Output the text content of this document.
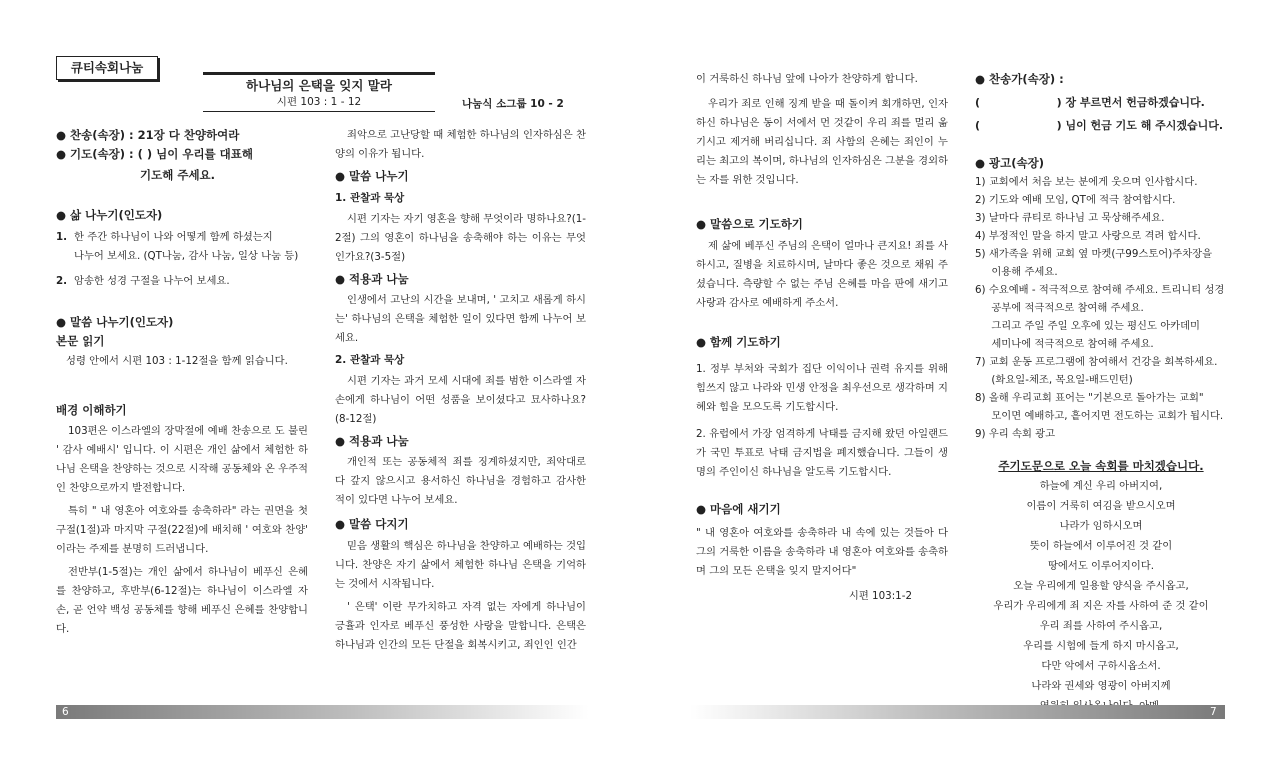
큐티속회나눔
하나님의 은택을 잊지 말라
시편 103 : 1 - 12	나눔식 소그룹 10 - 2
● 찬송(속장) : 21장 다 찬양하여라
● 기도(속장) : ( ) 님이 우리를 대표해
기도해 주세요.
● 삶 나누기(인도자)
1. 한 주간 하나님이 나와 어떻게 함께 하셨는지
나누어 보세요. (QT나눔, 감사 나눔, 일상 나눔 등)
2. 암송한 성경 구절을 나누어 보세요.
● 말씀 나누기(인도자)
본문 읽기
성령 안에서 시편 103 : 1-12절을 함께 읽습니다.
배경 이해하기
103편은 이스라엘의 장막절에 예배 찬송으로 도 불린 ' 감사 예배시' 입니다. 이 시편은 개인 삶에서 체험한 하나님 은택을 찬양하는 것으로 시작해 공동체와 온 우주적인 찬양으로까지 발전합니다.
특히 " 내 영혼아 여호와를 송축하라" 라는 권면을 첫 구절(1절)과 마지막 구절(22절)에 배치해 ' 여호와 찬양' 이라는 주제를 분명히 드러냅니다.
전반부(1-5절)는 개인 삶에서 하나님이 베푸신 은혜를 찬양하고, 후반부(6-12절)는 하나님이 이스라엘 자손, 곧 언약 백성 공동체를 향해 베푸신 은혜를 찬양합니다.
죄악으로 고난당할 때 체험한 하나님의 인자하심은 찬양의 이유가 됩니다.
● 말씀 나누기
1. 관찰과 묵상
시편 기자는 자기 영혼을 향해 무엇이라 명하나요?(1-2절) 그의 영혼이 하나님을 송축해야 하는 이유는 무엇인가요?(3-5절)
● 적용과 나눔
인생에서 고난의 시간을 보내며, ' 고치고 새롭게 하시는' 하나님의 은택을 체험한 일이 있다면 함께 나누어 보세요.
2. 관찰과 묵상
시편 기자는 과거 모세 시대에 죄를 범한 이스라엘 자손에게 하나님이 어떤 성품을 보이셨다고 묘사하나요?(8-12절)
● 적용과 나눔
개인적 또는 공동체적 죄를 징계하셨지만, 죄악대로 다 갚지 않으시고 용서하신 하나님을 경험하고 감사한 적이 있다면 나누어 보세요.
● 말씀 다지기
믿음 생활의 핵심은 하나님을 찬양하고 예배하는 것입니다. 찬양은 자기 삶에서 체험한 하나님 은택을 기억하는 것에서 시작됩니다.
' 은택' 이란 무가치하고 자격 없는 자에게 하나님이 긍휼과 인자로 베푸신 풍성한 사랑을 말합니다. 은택은 하나님과 인간의 모든 단절을 회복시키고, 죄인인 인간
6
이 거룩하신 하나님 앞에 나아가 찬양하게 합니다.
우리가 죄로 인해 징계 받을 때 돌이켜 회개하면, 인자하신 하나님은 동이 서에서 먼 것같이 우리 죄를 멀리 옮기시고 제거해 버리십니다. 죄 사함의 은혜는 죄인이 누리는 최고의 복이며, 하나님의 인자하심은 그분을 경외하는 자를 위한 것입니다.
● 말씀으로 기도하기
제 삶에 베푸신 주님의 은택이 얼마나 큰지요! 죄를 사하시고, 질병을 치료하시며, 날마다 좋은 것으로 채워 주셨습니다. 측량할 수 없는 주님 은혜를 마음 판에 새기고 사랑과 감사로 예배하게 주소서.
● 함께 기도하기
1. 정부 부처와 국회가 집단 이익이나 권력 유지를 위해 힘쓰지 않고 나라와 민생 안정을 최우선으로 생각하며 지혜와 힘을 모으도록 기도합시다.
2. 유럽에서 가장 엄격하게 낙태를 금지해 왔던 아일랜드가 국민 투표로 낙태 금지법을 폐지했습니다. 그들이 생명의 주인이신 하나님을 알도록 기도합시다.
● 마음에 새기기
" 내 영혼아 여호와를 송축하라 내 속에 있는 것들아 다 그의 거룩한 이름을 송축하라 내 영혼아 여호와를 송축하며 그의 모든 은택을 잊지 말지어다"
시편 103:1-2
● 찬송가(속장) :
(                    ) 장 부르면서 헌금하겠습니다.
(                    ) 님이 헌금 기도 해 주시겠습니다.
● 광고(속장)
1) 교회에서 처음 보는 분에게 웃으며 인사합시다.
2) 기도와 예배 모임, QT에 적극 참여합시다.
3) 날마다 큐티로 하나님 고 묵상해주세요.
4) 부정적인 말을 하지 말고 사랑으로 격려 합시다.
5) 새가족을 위해 교회 옆 마켓(구99스토어)주차장을
이용해 주세요.
6) 수요예배 - 적극적으로 참여해 주세요. 트리니티 성경
공부에 적극적으로 참여해 주세요.
그리고 주일 주일 오후에 있는 평신도 아카데미
세미나에 적극적으로 참여해 주세요.
7) 교회 운동 프로그램에 참여해서 건강을 회복하세요.
(화요일-체조, 목요일-배드민턴)
8) 올해 우리교회 표어는 "기본으로 돌아가는 교회"
모이면 예배하고, 흩어지면 전도하는 교회가 됩시다.
9) 우리 속회 광고
주기도문으로 오늘 속회를 마치겠습니다.
하늘에 계신 우리 아버지여,
이름이 거룩히 여김을 받으시오며
나라가 임하시오며
뜻이 하늘에서 이루어진 것 같이
땅에서도 이루어지이다.
오늘 우리에게 일용할 양식을 주시옵고,
우리가 우리에게 죄 지은 자를 사하여 준 것 같이
우리 죄를 사하여 주시옵고,
우리를 시험에 들게 하지 마시옵고,
다만 악에서 구하시옵소서.
나라와 권세와 영광이 아버지께
7
